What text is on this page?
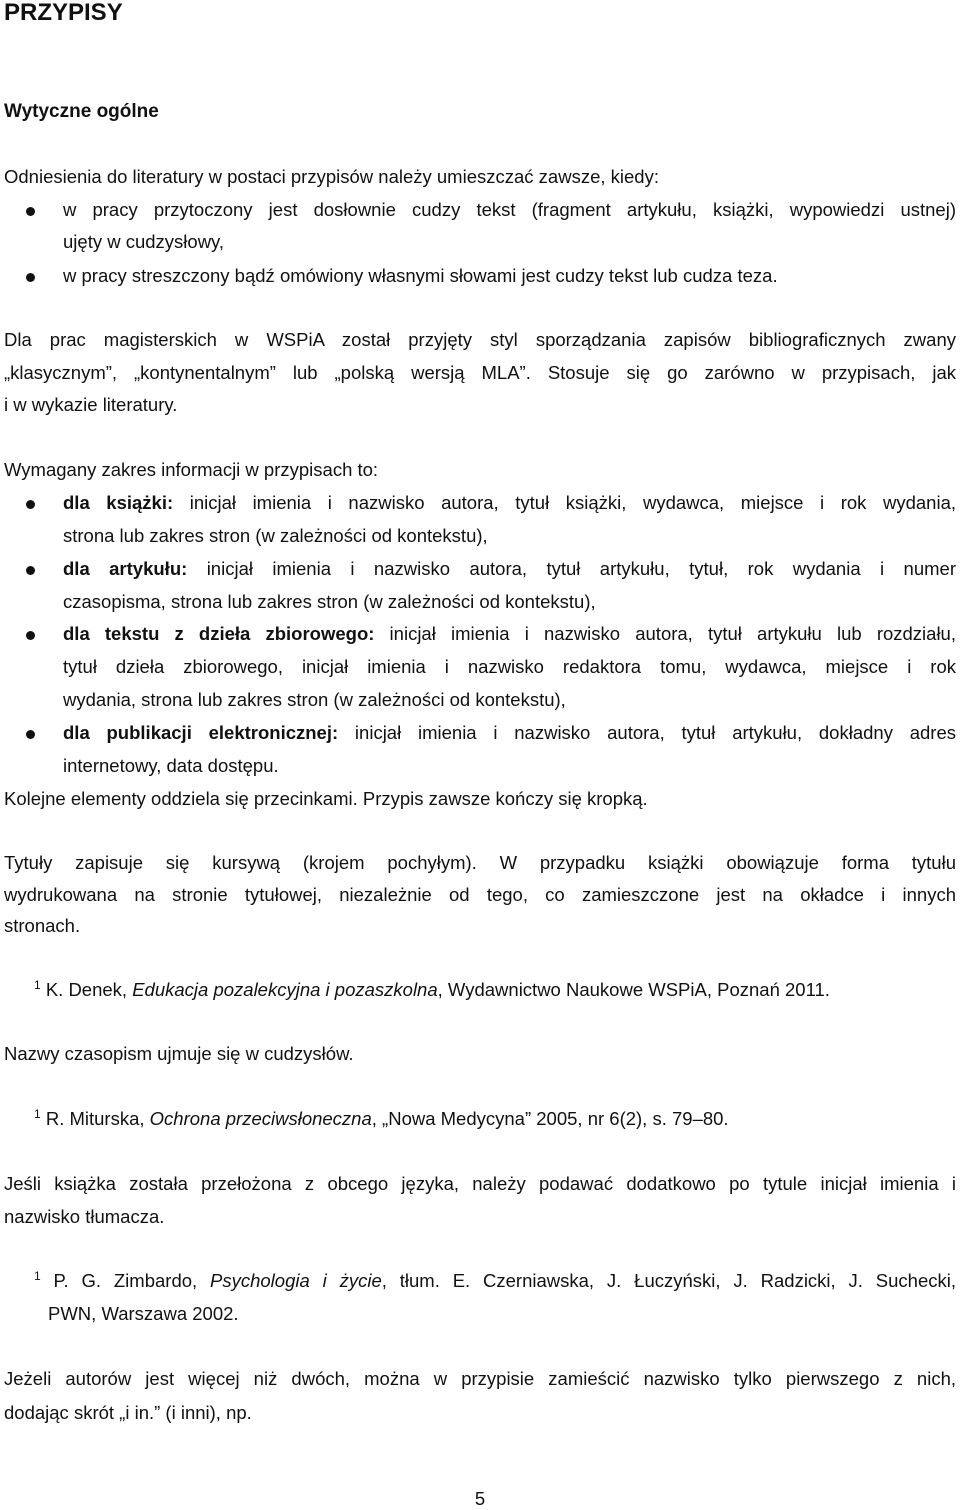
PRZYPISY
Wytyczne ogólne

Odniesienia do literatury w postaci przypisów należy umieszczać zawsze, kiedy:

w pracy przytoczony jest dosłownie cudzy tekst (fragment artykułu, książki, wypowiedzi ustnej)

ujęty w cudzysłowy,

w pracy streszczony bądź omówiony własnymi słowami jest cudzy tekst lub cudza teza.

Dla prac magisterskich w WSPiA został przyjęty styl sporządzania zapisów bibliograficznych zwany

„klasycznym”, „kontynentalnym” lub „polską wersją MLA”. Stosuje się go zarówno w przypisach, jak

i w wykazie literatury.

Wymagany zakres informacji w przypisach to:

dla książki: inicjał imienia i nazwisko autora, tytuł książki, wydawca, miejsce i rok wydania,

strona lub zakres stron (w zależności od kontekstu),

dla artykułu: inicjał imienia i nazwisko autora, tytuł artykułu, tytuł, rok wydania i numer

czasopisma, strona lub zakres stron (w zależności od kontekstu),

dla tekstu z dzieła zbiorowego: inicjał imienia i nazwisko autora, tytuł artykułu lub rozdziału,

tytuł dzieła zbiorowego, inicjał imienia i nazwisko redaktora tomu, wydawca, miejsce i rok

wydania, strona lub zakres stron (w zależności od kontekstu),

dla publikacji elektronicznej: inicjał imienia i nazwisko autora, tytuł artykułu, dokładny adres

internetowy, data dostępu.

Kolejne elementy oddziela się przecinkami. Przypis zawsze kończy się kropką.

Tytuły zapisuje się kursywą (krojem pochyłym). W przypadku książki obowiązuje forma tytułu

wydrukowana na stronie tytułowej, niezależnie od tego, co zamieszczone jest na okładce i innych

stronach.

$^1$ K. Denek, Edukacja pozalekcyjna i pozaszkolna, Wydawnictwo Naukowe WSPiA, Poznań 2011.

Nazwy czasopism ujmuje się w cudzysłów.

$^1$ R. Miturska, Ochrona przeciwsłoneczna, „Nowa Medycyna” 2005, nr 6(2), s. 79–80.

Jeśli książka została przełożona z obcego języka, należy podawać dodatkowo po tytule inicjał imienia i

nazwisko tłumacza.

$^1$ P. G. Zimbardo, Psychologia i życie, tłum. E. Czerniawska, J. Łuczyński, J. Radzicki, J. Suchecki,

PWN, Warszawa 2002.

Jeżeli autorów jest więcej niż dwóch, można w przypisie zamieścić nazwisko tylko pierwszego z nich,

dodając skrót „i in.” (i inni), np.

5
